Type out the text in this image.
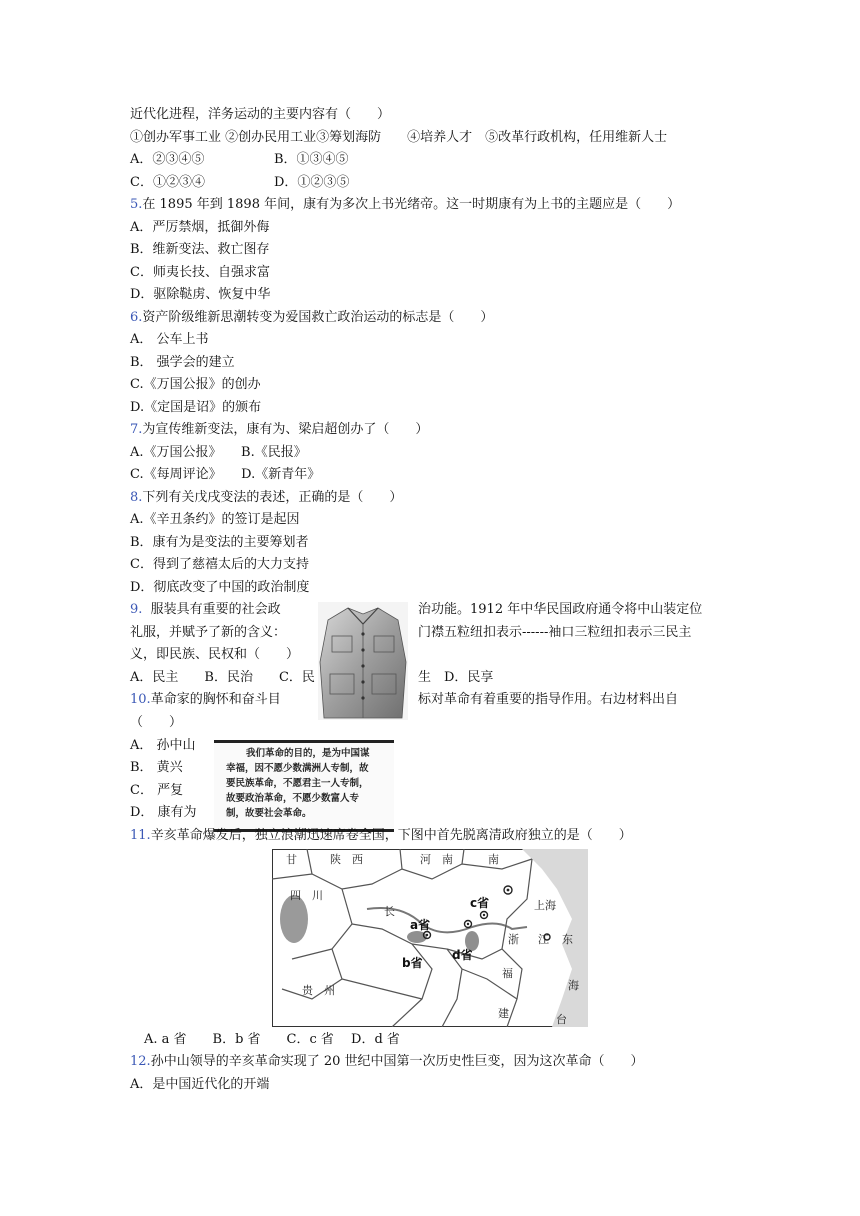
近代化进程，洋务运动的主要内容有（　　）
①创办军事工业 ②创办民用工业③筹划海防　　④培养人才　⑤改革行政机构，任用维新人士
A．②③④⑤	B．①③④⑤
C．①②③④	D．①②③⑤
5.在 1895 年到 1898 年间，康有为多次上书光绪帝。这一时期康有为上书的主题应是（　　）
A．严厉禁烟，抵御外侮
B．维新变法、救亡图存
C．师夷长技、自强求富
D．驱除鞑虏、恢复中华
6.资产阶级维新思潮转变为爱国救亡政治运动的标志是（　　）
A． 公车上书
B． 强学会的建立
C.《万国公报》的创办
D.《定国是诏》的颁布
7.为宣传维新变法，康有为、梁启超创办了（　　）
A.《万国公报》　　B.《民报》
C.《每周评论》　　D.《新青年》
8.下列有关戊戌变法的表述，正确的是（　　）
A.《辛丑条约》的签订是起因
B．康有为是变法的主要筹划者
C．得到了慈禧太后的大力支持
D．彻底改变了中国的政治制度
9.  服装具有重要的社会政	治功能。1912 年中华民国政府通令将中山装定位
礼服，并赋予了新的含义：	门襟五粒纽扣表示------袖口三粒纽扣表示三民主
义，即民族、民权和（　　）
A．民主　　B．民治　　C．民	生　D．民享
10.革命家的胸怀和奋斗目	标对革命有着重要的指导作用。右边材料出自
（　　）
A． 孙中山
B． 黄兴
C． 严复
D． 康有为
我们革命的目的，是为中国谋
幸福，因不愿少数满洲人专制，故
要民族革命，不愿君主一人专制，
故要政治革命，不愿少数富人专
制，故要社会革命。
11.辛亥革命爆发后，独立浪潮迅速席卷全国，下图中首先脱离清政府独立的是（　　）
甘	陕　西	河　南	南
四　川
长
东
贵　州
福
建
海
台
浙 江
上海
a省
b省
c省
d省
A. a 省　　B．b 省　　C．c 省　 D．d 省
12.孙中山领导的辛亥革命实现了 20 世纪中国第一次历史性巨变，因为这次革命（　　）
A．是中国近代化的开端
